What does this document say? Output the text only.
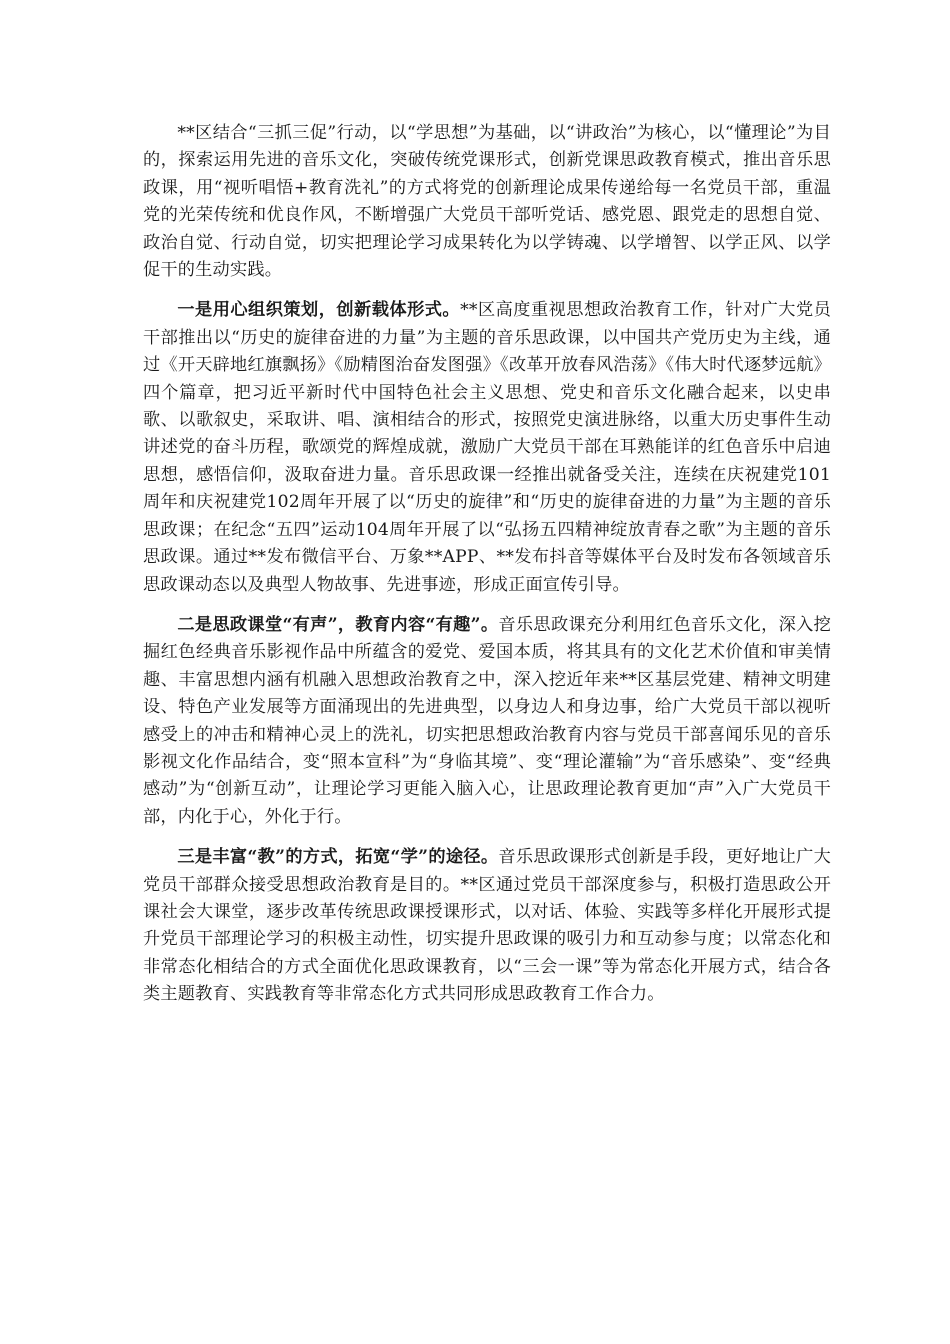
**区结合“三抓三促”行动，以“学思想”为基础，以“讲政治”为核心，以“懂理论”为目的，探索运用先进的音乐文化，突破传统党课形式，创新党课思政教育模式，推出音乐思政课，用“视听唱悟+教育洗礼”的方式将党的创新理论成果传递给每一名党员干部，重温党的光荣传统和优良作风，不断增强广大党员干部听党话、感党恩、跟党走的思想自觉、政治自觉、行动自觉，切实把理论学习成果转化为以学铸魂、以学增智、以学正风、以学促干的生动实践。

一是用心组织策划，创新载体形式。**区高度重视思想政治教育工作，针对广大党员干部推出以“历史的旋律奋进的力量”为主题的音乐思政课，以中国共产党历史为主线，通过《开天辟地红旗飘扬》《励精图治奋发图强》《改革开放春风浩荡》《伟大时代逐梦远航》四个篇章，把习近平新时代中国特色社会主义思想、党史和音乐文化融合起来，以史串歌、以歌叙史，采取讲、唱、演相结合的形式，按照党史演进脉络，以重大历史事件生动讲述党的奋斗历程，歌颂党的辉煌成就，激励广大党员干部在耳熟能详的红色音乐中启迪思想，感悟信仰，汲取奋进力量。音乐思政课一经推出就备受关注，连续在庆祝建党101周年和庆祝建党102周年开展了以“历史的旋律”和“历史的旋律奋进的力量”为主题的音乐思政课；在纪念“五四”运动104周年开展了以“弘扬五四精神绽放青春之歌”为主题的音乐思政课。通过**发布微信平台、万象**APP、**发布抖音等媒体平台及时发布各领域音乐思政课动态以及典型人物故事、先进事迹，形成正面宣传引导。

二是思政课堂“有声”，教育内容“有趣”。音乐思政课充分利用红色音乐文化，深入挖掘红色经典音乐影视作品中所蕴含的爱党、爱国本质，将其具有的文化艺术价值和审美情趣、丰富思想内涵有机融入思想政治教育之中，深入挖近年来**区基层党建、精神文明建设、特色产业发展等方面涌现出的先进典型，以身边人和身边事，给广大党员干部以视听感受上的冲击和精神心灵上的洗礼，切实把思想政治教育内容与党员干部喜闻乐见的音乐影视文化作品结合，变“照本宣科”为“身临其境”、变“理论灌输”为“音乐感染”、变“经典感动”为“创新互动”，让理论学习更能入脑入心，让思政理论教育更加“声”入广大党员干部，内化于心，外化于行。

三是丰富“教”的方式，拓宽“学”的途径。音乐思政课形式创新是手段，更好地让广大党员干部群众接受思想政治教育是目的。**区通过党员干部深度参与，积极打造思政公开课社会大课堂，逐步改革传统思政课授课形式，以对话、体验、实践等多样化开展形式提升党员干部理论学习的积极主动性，切实提升思政课的吸引力和互动参与度；以常态化和非常态化相结合的方式全面优化思政课教育，以“三会一课”等为常态化开展方式，结合各类主题教育、实践教育等非常态化方式共同形成思政教育工作合力。
